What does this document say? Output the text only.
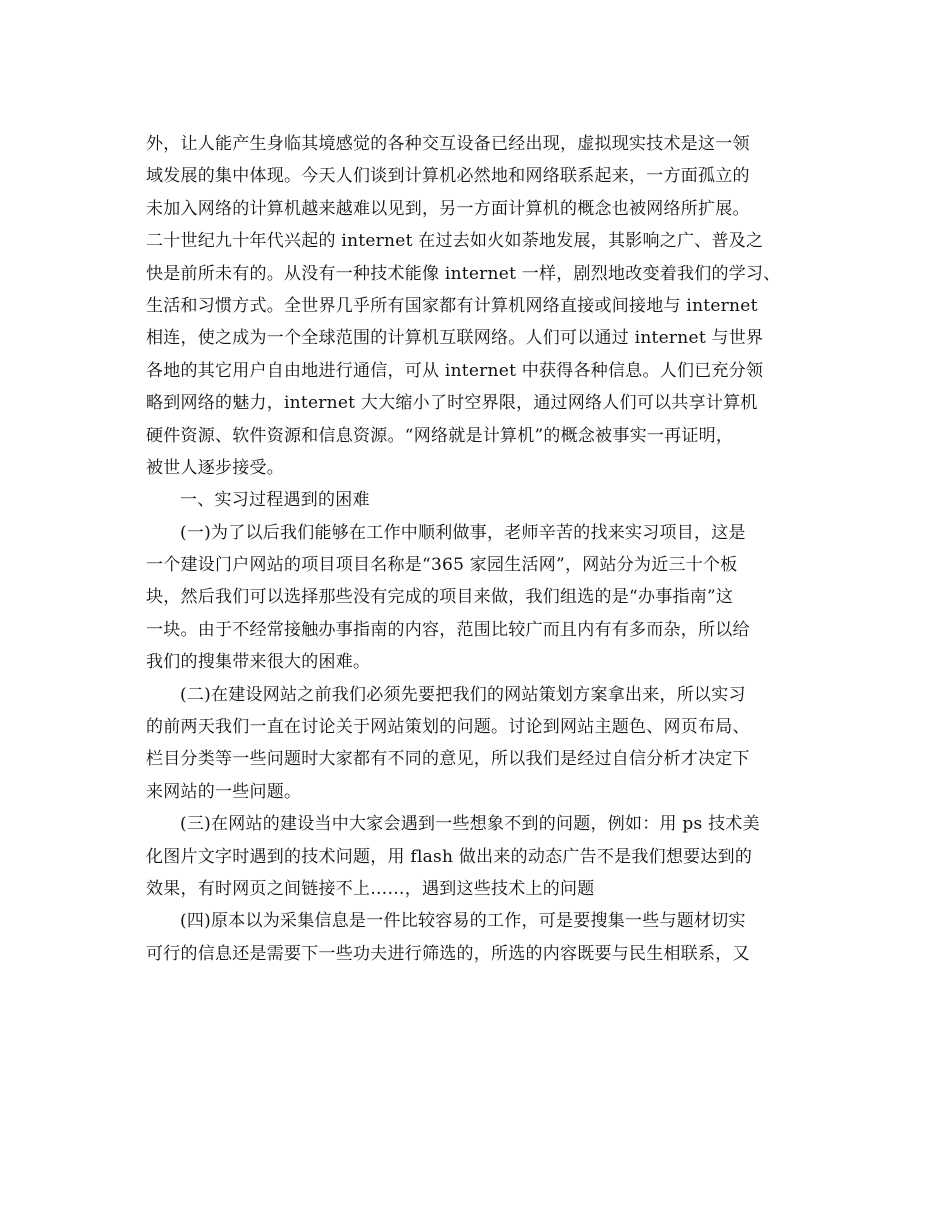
外，让人能产生身临其境感觉的各种交互设备已经出现，虚拟现实技术是这一领
域发展的集中体现。今天人们谈到计算机必然地和网络联系起来，一方面孤立的
未加入网络的计算机越来越难以见到，另一方面计算机的概念也被网络所扩展。
二十世纪九十年代兴起的 internet 在过去如火如荼地发展，其影响之广、普及之
快是前所未有的。从没有一种技术能像 internet 一样，剧烈地改变着我们的学习、
生活和习惯方式。全世界几乎所有国家都有计算机网络直接或间接地与 internet
相连，使之成为一个全球范围的计算机互联网络。人们可以通过 internet 与世界
各地的其它用户自由地进行通信，可从 internet 中获得各种信息。人们已充分领
略到网络的魅力，internet 大大缩小了时空界限，通过网络人们可以共享计算机
硬件资源、软件资源和信息资源。“网络就是计算机”的概念被事实一再证明，
被世人逐步接受。
一、实习过程遇到的困难
(一)为了以后我们能够在工作中顺利做事，老师辛苦的找来实习项目，这是
一个建设门户网站的项目项目名称是“365 家园生活网”，网站分为近三十个板
块，然后我们可以选择那些没有完成的项目来做，我们组选的是“办事指南”这
一块。由于不经常接触办事指南的内容，范围比较广而且内有有多而杂，所以给
我们的搜集带来很大的困难。
(二)在建设网站之前我们必须先要把我们的网站策划方案拿出来，所以实习
的前两天我们一直在讨论关于网站策划的问题。讨论到网站主题色、网页布局、
栏目分类等一些问题时大家都有不同的意见，所以我们是经过自信分析才决定下
来网站的一些问题。
(三)在网站的建设当中大家会遇到一些想象不到的问题，例如：用 ps 技术美
化图片文字时遇到的技术问题，用 flash 做出来的动态广告不是我们想要达到的
效果，有时网页之间链接不上……，遇到这些技术上的问题
(四)原本以为采集信息是一件比较容易的工作，可是要搜集一些与题材切实
可行的信息还是需要下一些功夫进行筛选的，所选的内容既要与民生相联系，又
